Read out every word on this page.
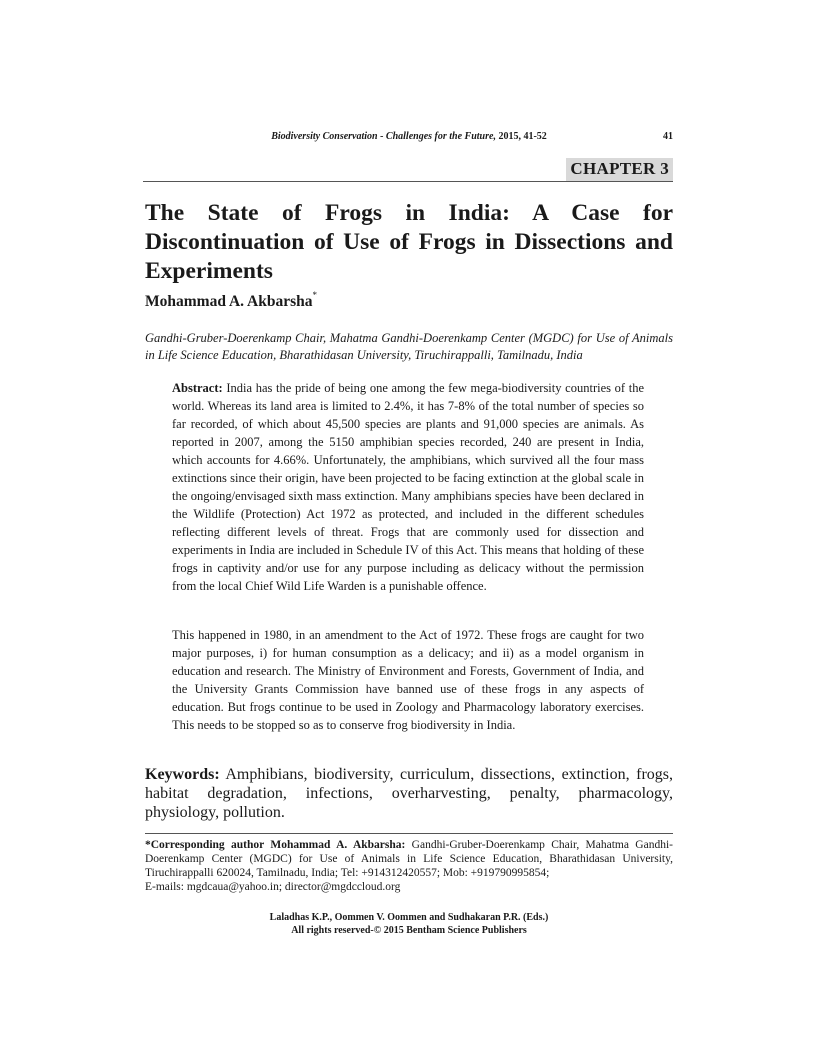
Biodiversity Conservation - Challenges for the Future, 2015, 41-52	41
CHAPTER 3
The State of Frogs in India: A Case for Discontinuation of Use of Frogs in Dissections and Experiments
Mohammad A. Akbarsha*

Gandhi-Gruber-Doerenkamp Chair, Mahatma Gandhi-Doerenkamp Center (MGDC) for Use of Animals in Life Science Education, Bharathidasan University, Tiruchirappalli, Tamilnadu, India

Abstract: India has the pride of being one among the few mega-biodiversity countries of the world. Whereas its land area is limited to 2.4%, it has 7-8% of the total number of species so far recorded, of which about 45,500 species are plants and 91,000 species are animals. As reported in 2007, among the 5150 amphibian species recorded, 240 are present in India, which accounts for 4.66%. Unfortunately, the amphibians, which survived all the four mass extinctions since their origin, have been projected to be facing extinction at the global scale in the ongoing/envisaged sixth mass extinction. Many amphibians species have been declared in the Wildlife (Protection) Act 1972 as protected, and included in the different schedules reflecting different levels of threat. Frogs that are commonly used for dissection and experiments in India are included in Schedule IV of this Act. This means that holding of these frogs in captivity and/or use for any purpose including as delicacy without the permission from the local Chief Wild Life Warden is a punishable offence.

This happened in 1980, in an amendment to the Act of 1972. These frogs are caught for two major purposes, i) for human consumption as a delicacy; and ii) as a model organism in education and research. The Ministry of Environment and Forests, Government of India, and the University Grants Commission have banned use of these frogs in any aspects of education. But frogs continue to be used in Zoology and Pharmacology laboratory exercises. This needs to be stopped so as to conserve frog biodiversity in India.

Keywords: Amphibians, biodiversity, curriculum, dissections, extinction, frogs, habitat degradation, infections, overharvesting, penalty, pharmacology, physiology, pollution.

*Corresponding author Mohammad A. Akbarsha: Gandhi-Gruber-Doerenkamp Chair, Mahatma Gandhi-Doerenkamp Center (MGDC) for Use of Animals in Life Science Education, Bharathidasan University, Tiruchirappalli 620024, Tamilnadu, India; Tel: +914312420557; Mob: +919790995854;
E-mails: mgdcaua@yahoo.in; director@mgdccloud.org

Laladhas K.P., Oommen V. Oommen and Sudhakaran P.R. (Eds.)
All rights reserved-© 2015 Bentham Science Publishers
